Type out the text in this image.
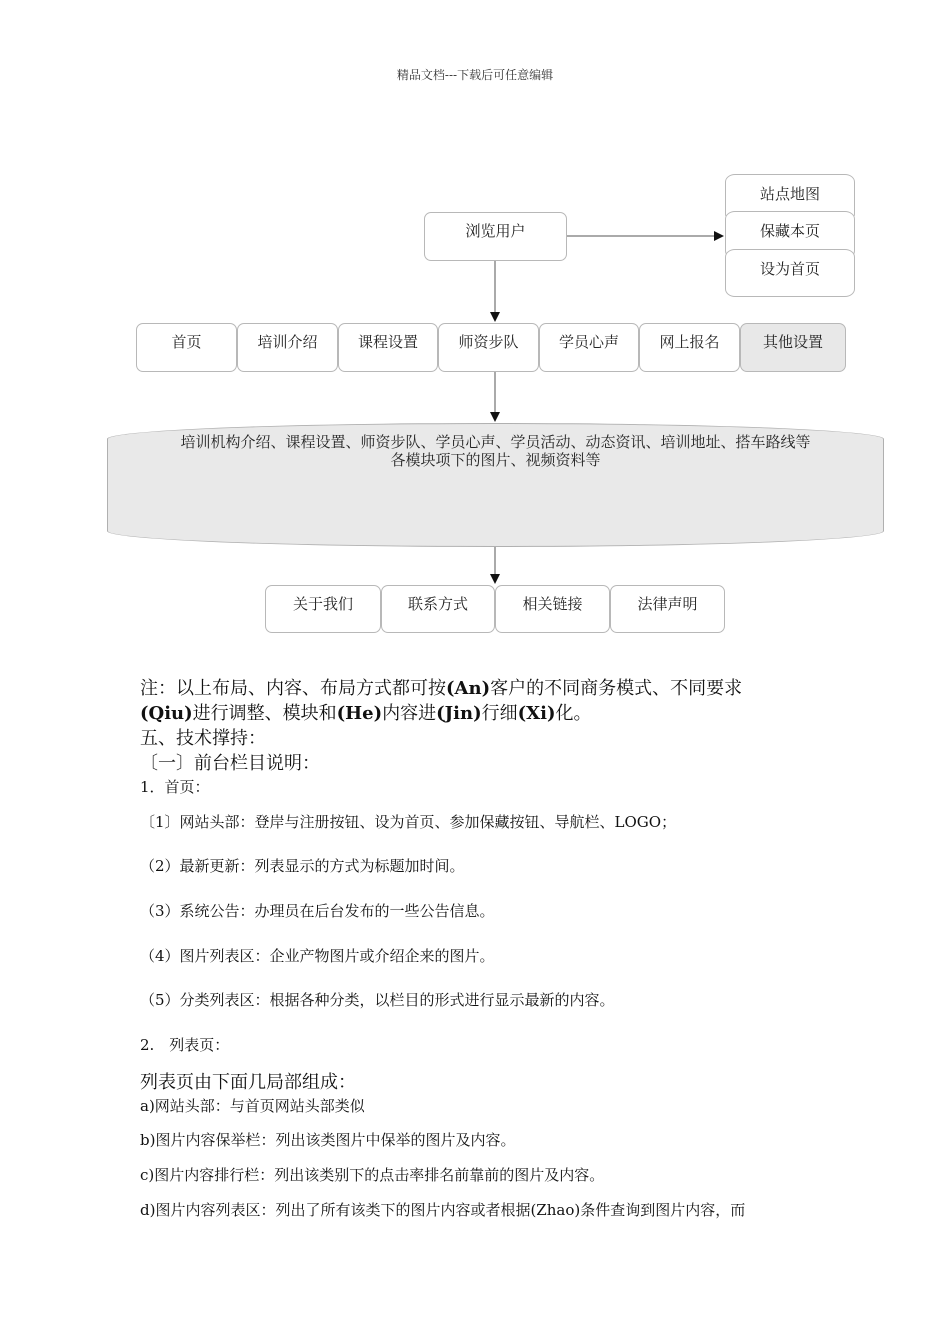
精品文档---下载后可任意编辑
站点地图
保藏本页
设为首页
浏览用户
首页	培训介绍	课程设置	师资步队	学员心声	网上报名	其他设置
培训机构介绍、课程设置、师资步队、学员心声、学员活动、动态资讯、培训地址、搭车路线等
各模块项下的图片、视频资料等
关于我们	联系方式	相关链接	法律声明
注：以上布局、内容、布局方式都可按(An)客户的不同商务模式、不同要求
(Qiu)进行调整、模块和(He)内容进(Jin)行细(Xi)化。
五、技术撑持：
〔一〕前台栏目说明：
1．首页：
〔1〕网站头部：登岸与注册按钮、设为首页、参加保藏按钮、导航栏、LOGO；
（2）最新更新：列表显示的方式为标题加时间。
（3）系统公告：办理员在后台发布的一些公告信息。
（4）图片列表区：企业产物图片或介绍企来的图片。
（5）分类列表区：根据各种分类，以栏目的形式进行显示最新的内容。
2.　列表页：
列表页由下面几局部组成：
a)网站头部：与首页网站头部类似
b)图片内容保举栏：列出该类图片中保举的图片及内容。
c)图片内容排行栏：列出该类别下的点击率排名前靠前的图片及内容。
d)图片内容列表区：列出了所有该类下的图片内容或者根据(Zhao)条件查询到图片内容，而
